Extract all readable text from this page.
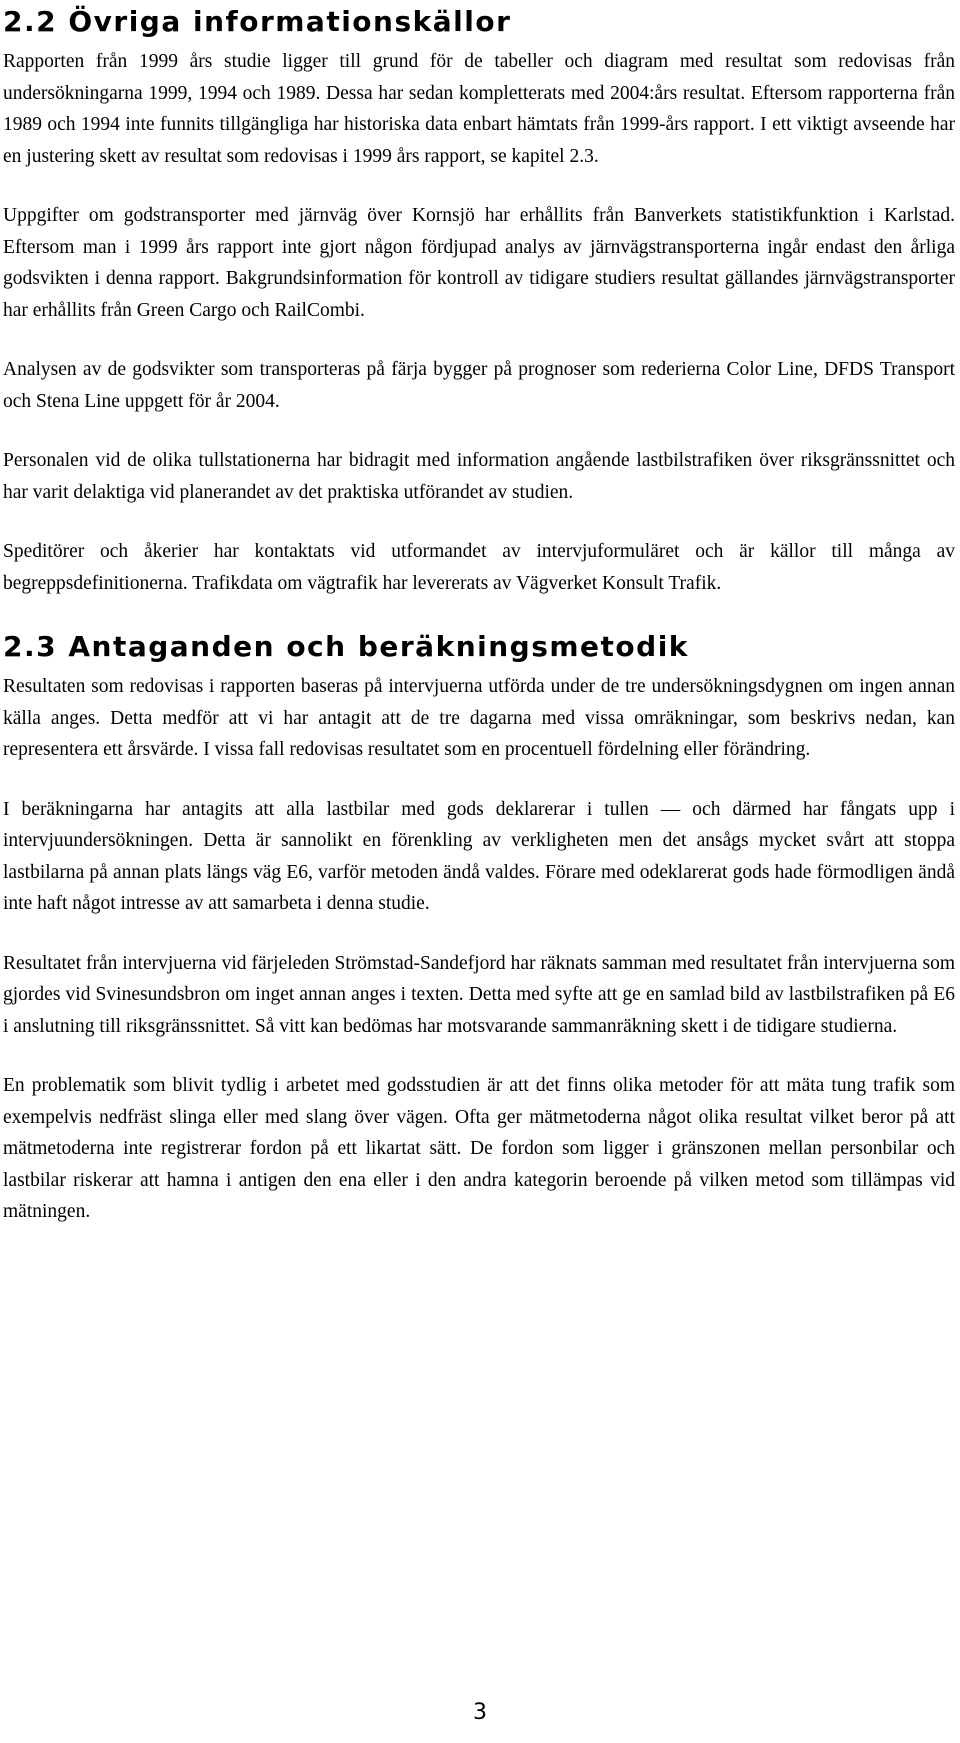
2.2 Övriga informationskällor

Rapporten från 1999 års studie ligger till grund för de tabeller och diagram med resultat som redovisas från undersökningarna 1999, 1994 och 1989. Dessa har sedan kompletterats med 2004:års resultat. Eftersom rapporterna från 1989 och 1994 inte funnits tillgängliga har historiska data enbart hämtats från 1999-års rapport. I ett viktigt avseende har en justering skett av resultat som redovisas i 1999 års rapport, se kapitel 2.3.

Uppgifter om godstransporter med järnväg över Kornsjö har erhållits från Banverkets statistikfunktion i Karlstad. Eftersom man i 1999 års rapport inte gjort någon fördjupad analys av järnvägstransporterna ingår endast den årliga godsvikten i denna rapport. Bakgrundsinformation för kontroll av tidigare studiers resultat gällandes järnvägstransporter har erhållits från Green Cargo och RailCombi.

Analysen av de godsvikter som transporteras på färja bygger på prognoser som rederierna Color Line, DFDS Transport och Stena Line uppgett för år 2004.

Personalen vid de olika tullstationerna har bidragit med information angående lastbilstrafiken över riksgränssnittet och har varit delaktiga vid planerandet av det praktiska utförandet av studien.

Speditörer och åkerier har kontaktats vid utformandet av intervjuformuläret och är källor till många av begreppsdefinitionerna. Trafikdata om vägtrafik har levererats av Vägverket Konsult Trafik.

2.3 Antaganden och beräkningsmetodik

Resultaten som redovisas i rapporten baseras på intervjuerna utförda under de tre undersökningsdygnen om ingen annan källa anges. Detta medför att vi har antagit att de tre dagarna med vissa omräkningar, som beskrivs nedan, kan representera ett årsvärde. I vissa fall redovisas resultatet som en procentuell fördelning eller förändring.

I beräkningarna har antagits att alla lastbilar med gods deklarerar i tullen — och därmed har fångats upp i intervjuundersökningen. Detta är sannolikt en förenkling av verkligheten men det ansågs mycket svårt att stoppa lastbilarna på annan plats längs väg E6, varför metoden ändå valdes. Förare med odeklarerat gods hade förmodligen ändå inte haft något intresse av att samarbeta i denna studie.

Resultatet från intervjuerna vid färjeleden Strömstad-Sandefjord har räknats samman med resultatet från intervjuerna som gjordes vid Svinesundsbron om inget annan anges i texten. Detta med syfte att ge en samlad bild av lastbilstrafiken på E6 i anslutning till riksgränssnittet. Så vitt kan bedömas har motsvarande sammanräkning skett i de tidigare studierna.

En problematik som blivit tydlig i arbetet med godsstudien är att det finns olika metoder för att mäta tung trafik som exempelvis nedfräst slinga eller med slang över vägen. Ofta ger mätmetoderna något olika resultat vilket beror på att mätmetoderna inte registrerar fordon på ett likartat sätt. De fordon som ligger i gränszonen mellan personbilar och lastbilar riskerar att hamna i antigen den ena eller i den andra kategorin beroende på vilken metod som tillämpas vid mätningen.

3
